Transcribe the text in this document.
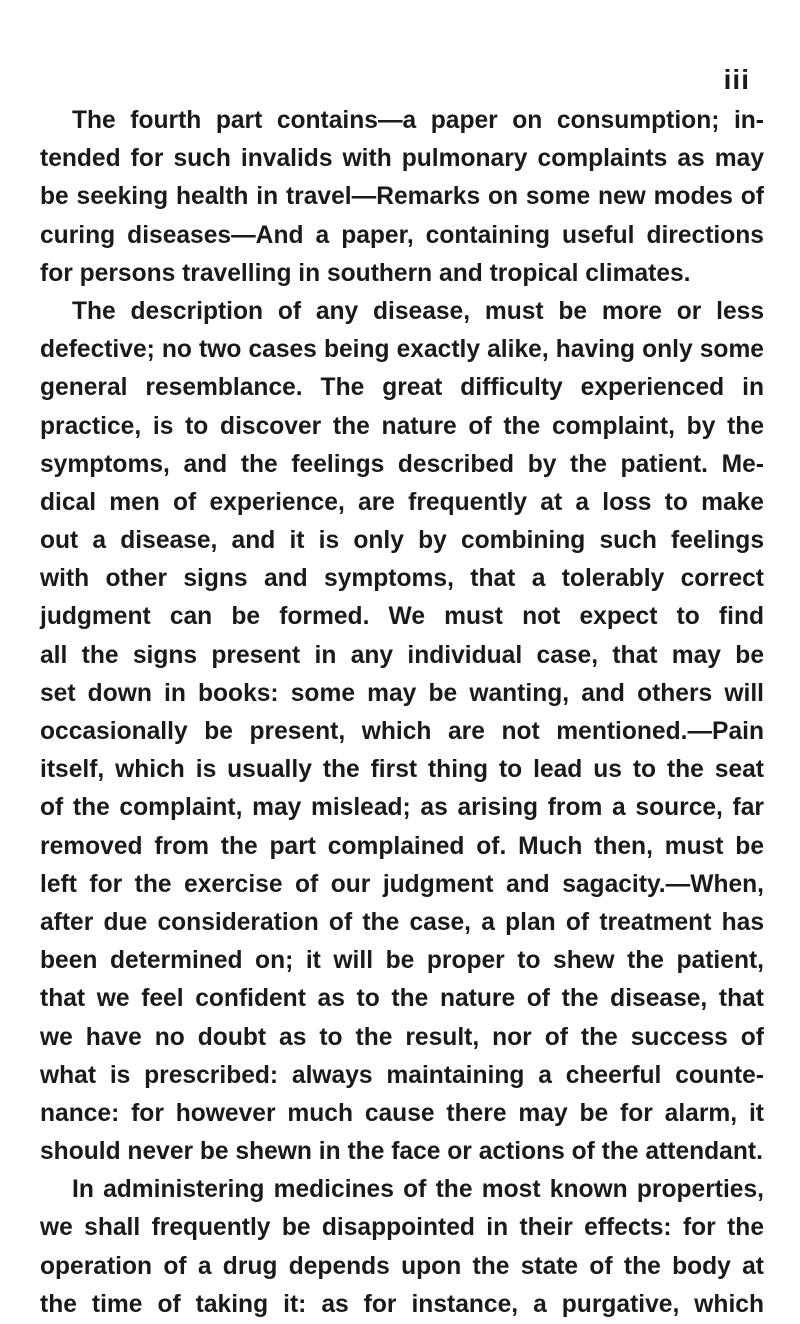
iii
The fourth part contains—a paper on consumption; in-
tended for such invalids with pulmonary complaints as may
be seeking health in travel—Remarks on some new modes of
curing diseases—And a paper, containing useful directions
for persons travelling in southern and tropical climates.
The description of any disease, must be more or less
defective; no two cases being exactly alike, having only some
general resemblance. The great difficulty experienced in
practice, is to discover the nature of the complaint, by the
symptoms, and the feelings described by the patient. Me-
dical men of experience, are frequently at a loss to make
out a disease, and it is only by combining such feelings
with other signs and symptoms, that a tolerably correct
judgment can be formed. We must not expect to find
all the signs present in any individual case, that may be
set down in books: some may be wanting, and others will
occasionally be present, which are not mentioned.—Pain
itself, which is usually the first thing to lead us to the seat
of the complaint, may mislead; as arising from a source, far
removed from the part complained of. Much then, must be
left for the exercise of our judgment and sagacity.—When,
after due consideration of the case, a plan of treatment has
been determined on; it will be proper to shew the patient,
that we feel confident as to the nature of the disease, that
we have no doubt as to the result, nor of the success of
what is prescribed: always maintaining a cheerful counte-
nance: for however much cause there may be for alarm, it
should never be shewn in the face or actions of the attendant.
In administering medicines of the most known properties,
we shall frequently be disappointed in their effects: for the
operation of a drug depends upon the state of the body at
the time of taking it: as for instance, a purgative, which
